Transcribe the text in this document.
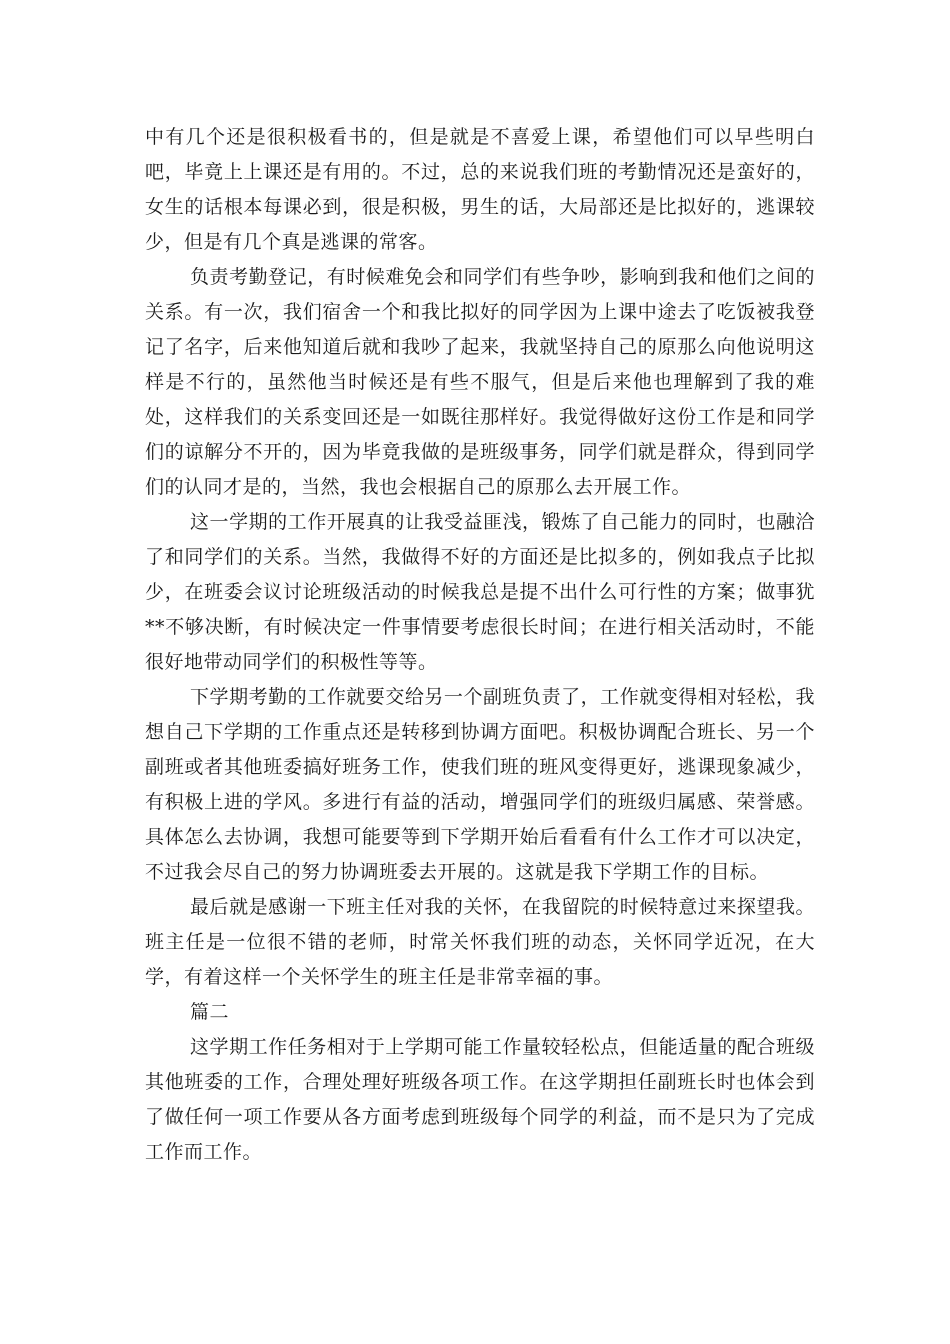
中有几个还是很积极看书的，但是就是不喜爱上课，希望他们可以早些明白吧，毕竟上上课还是有用的。不过，总的来说我们班的考勤情况还是蛮好的，女生的话根本每课必到，很是积极，男生的话，大局部还是比拟好的，逃课较少，但是有几个真是逃课的常客。

负责考勤登记，有时候难免会和同学们有些争吵，影响到我和他们之间的关系。有一次，我们宿舍一个和我比拟好的同学因为上课中途去了吃饭被我登记了名字，后来他知道后就和我吵了起来，我就坚持自己的原那么向他说明这样是不行的，虽然他当时候还是有些不服气，但是后来他也理解到了我的难处，这样我们的关系变回还是一如既往那样好。我觉得做好这份工作是和同学们的谅解分不开的，因为毕竟我做的是班级事务，同学们就是群众，得到同学们的认同才是的，当然，我也会根据自己的原那么去开展工作。

这一学期的工作开展真的让我受益匪浅，锻炼了自己能力的同时，也融洽了和同学们的关系。当然，我做得不好的方面还是比拟多的，例如我点子比拟少，在班委会议讨论班级活动的时候我总是提不出什么可行性的方案；做事犹**不够决断，有时候决定一件事情要考虑很长时间；在进行相关活动时，不能很好地带动同学们的积极性等等。

下学期考勤的工作就要交给另一个副班负责了，工作就变得相对轻松，我想自己下学期的工作重点还是转移到协调方面吧。积极协调配合班长、另一个副班或者其他班委搞好班务工作，使我们班的班风变得更好，逃课现象减少，有积极上进的学风。多进行有益的活动，增强同学们的班级归属感、荣誉感。具体怎么去协调，我想可能要等到下学期开始后看看有什么工作才可以决定，不过我会尽自己的努力协调班委去开展的。这就是我下学期工作的目标。

最后就是感谢一下班主任对我的关怀，在我留院的时候特意过来探望我。班主任是一位很不错的老师，时常关怀我们班的动态，关怀同学近况，在大学，有着这样一个关怀学生的班主任是非常幸福的事。

篇二

这学期工作任务相对于上学期可能工作量较轻松点，但能适量的配合班级其他班委的工作，合理处理好班级各项工作。在这学期担任副班长时也体会到了做任何一项工作要从各方面考虑到班级每个同学的利益，而不是只为了完成工作而工作。
